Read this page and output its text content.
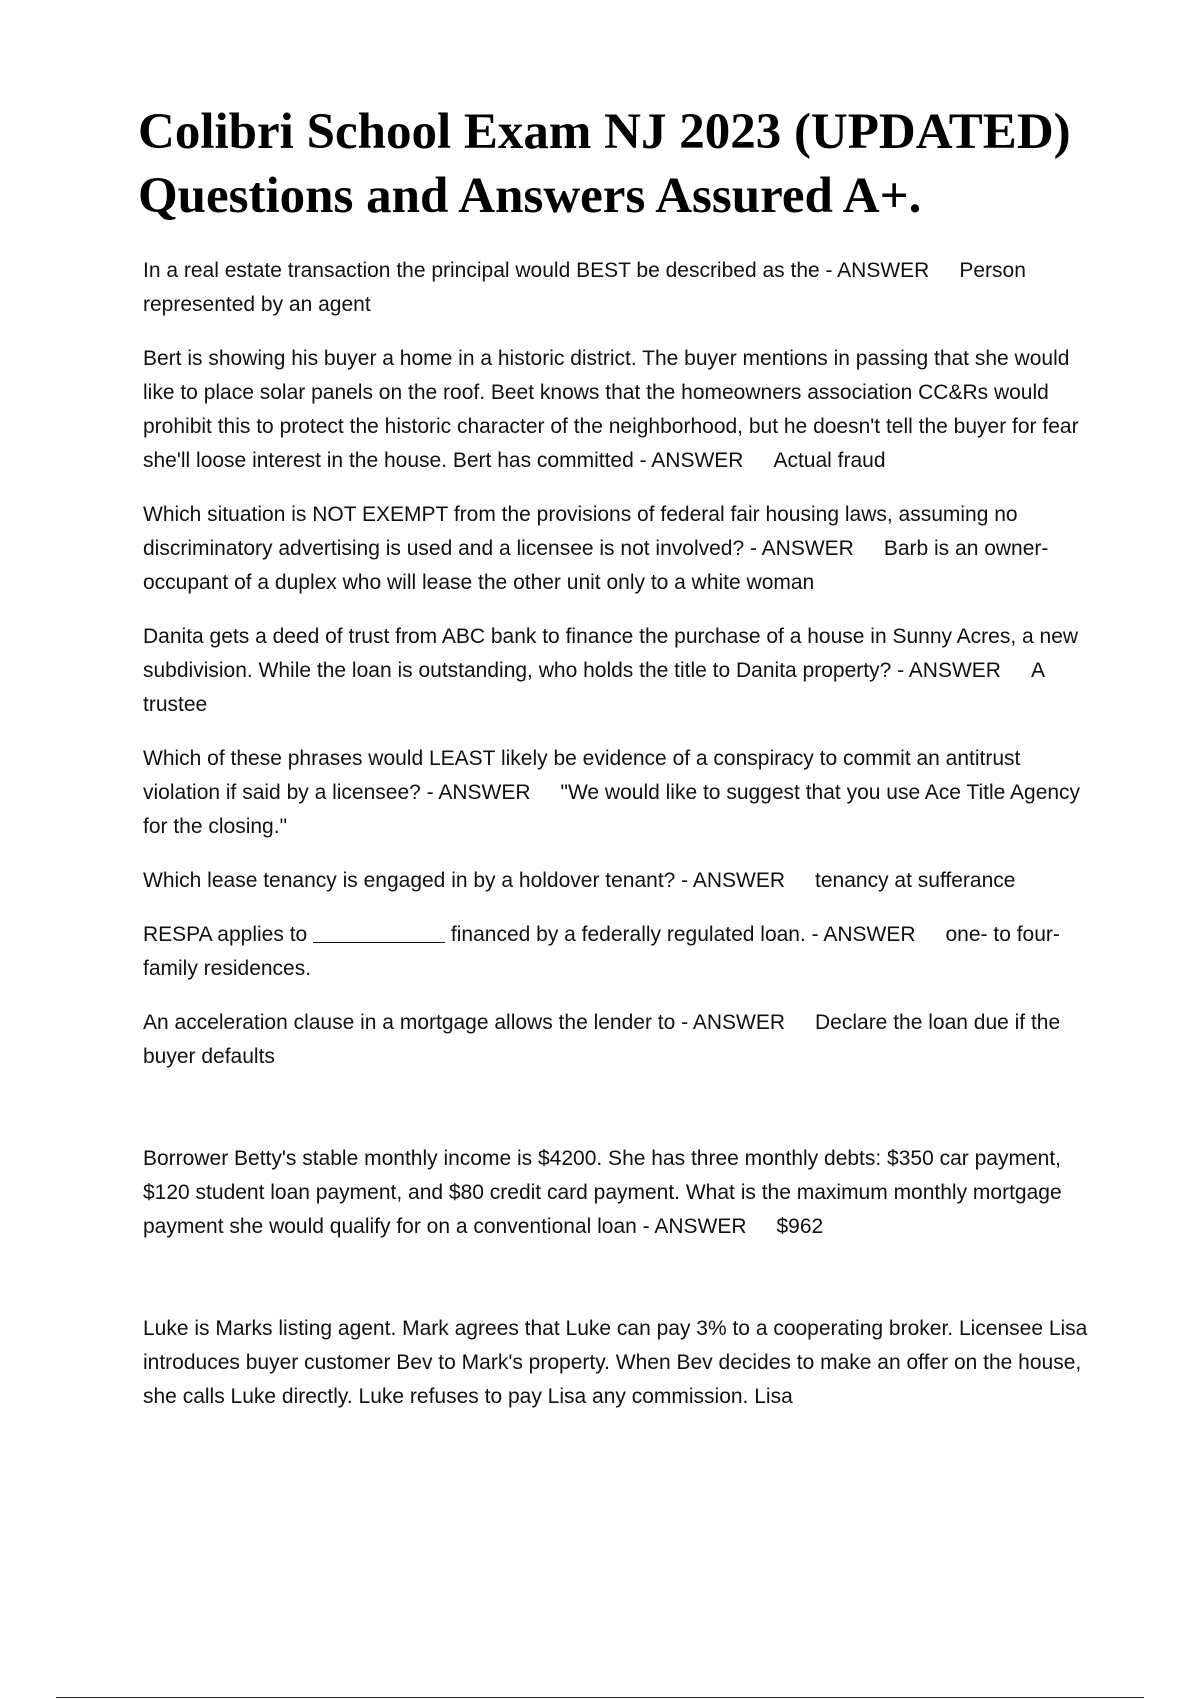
Colibri School Exam NJ 2023 (UPDATED)
Questions and Answers Assured A+.
In a real estate transaction the principal would BEST be described as the - ANSWER Person represented by an agent
Bert is showing his buyer a home in a historic district. The buyer mentions in passing that she would like to place solar panels on the roof. Beet knows that the homeowners association CC&Rs would prohibit this to protect the historic character of the neighborhood, but he doesn't tell the buyer for fear she'll loose interest in the house. Bert has committed - ANSWER Actual fraud
Which situation is NOT EXEMPT from the provisions of federal fair housing laws, assuming no discriminatory advertising is used and a licensee is not involved? - ANSWER Barb is an owner-occupant of a duplex who will lease the other unit only to a white woman
Danita gets a deed of trust from ABC bank to finance the purchase of a house in Sunny Acres, a new subdivision. While the loan is outstanding, who holds the title to Danita property? - ANSWER A trustee
Which of these phrases would LEAST likely be evidence of a conspiracy to commit an antitrust violation if said by a licensee? - ANSWER "We would like to suggest that you use Ace Title Agency for the closing."
Which lease tenancy is engaged in by a holdover tenant? - ANSWER tenancy at sufferance
RESPA applies to	financed by a federally regulated loan. - ANSWER one- to four-family residences.
An acceleration clause in a mortgage allows the lender to - ANSWER Declare the loan due if the buyer defaults
Borrower Betty's stable monthly income is $4200. She has three monthly debts: $350 car payment, $120 student loan payment, and $80 credit card payment. What is the maximum monthly mortgage payment she would qualify for on a conventional loan - ANSWER $962
Luke is Marks listing agent. Mark agrees that Luke can pay 3% to a cooperating broker. Licensee Lisa introduces buyer customer Bev to Mark's property. When Bev decides to make an offer on the house, she calls Luke directly. Luke refuses to pay Lisa any commission. Lisa
